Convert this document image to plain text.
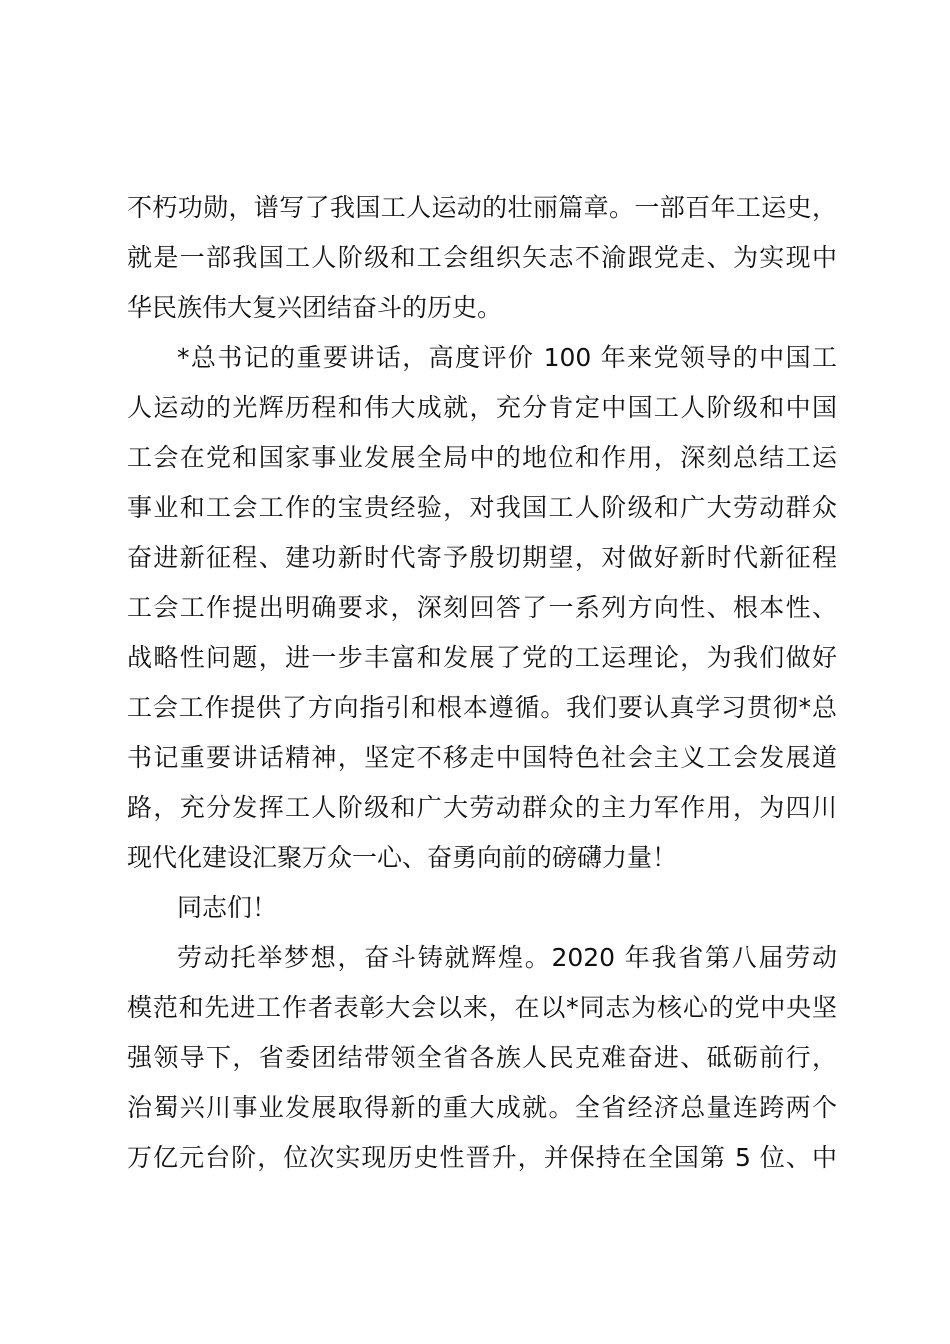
不朽功勋，谱写了我国工人运动的壮丽篇章。一部百年工运史，
就是一部我国工人阶级和工会组织矢志不渝跟党走、为实现中
华民族伟大复兴团结奋斗的历史。
*总书记的重要讲话，高度评价 100 年来党领导的中国工
人运动的光辉历程和伟大成就，充分肯定中国工人阶级和中国
工会在党和国家事业发展全局中的地位和作用，深刻总结工运
事业和工会工作的宝贵经验，对我国工人阶级和广大劳动群众
奋进新征程、建功新时代寄予殷切期望，对做好新时代新征程
工会工作提出明确要求，深刻回答了一系列方向性、根本性、
战略性问题，进一步丰富和发展了党的工运理论，为我们做好
工会工作提供了方向指引和根本遵循。我们要认真学习贯彻*总
书记重要讲话精神，坚定不移走中国特色社会主义工会发展道
路，充分发挥工人阶级和广大劳动群众的主力军作用，为四川
现代化建设汇聚万众一心、奋勇向前的磅礴力量！
同志们！
劳动托举梦想，奋斗铸就辉煌。2020 年我省第八届劳动
模范和先进工作者表彰大会以来，在以*同志为核心的党中央坚
强领导下，省委团结带领全省各族人民克难奋进、砥砺前行，
治蜀兴川事业发展取得新的重大成就。全省经济总量连跨两个
万亿元台阶，位次实现历史性晋升，并保持在全国第 5 位、中
